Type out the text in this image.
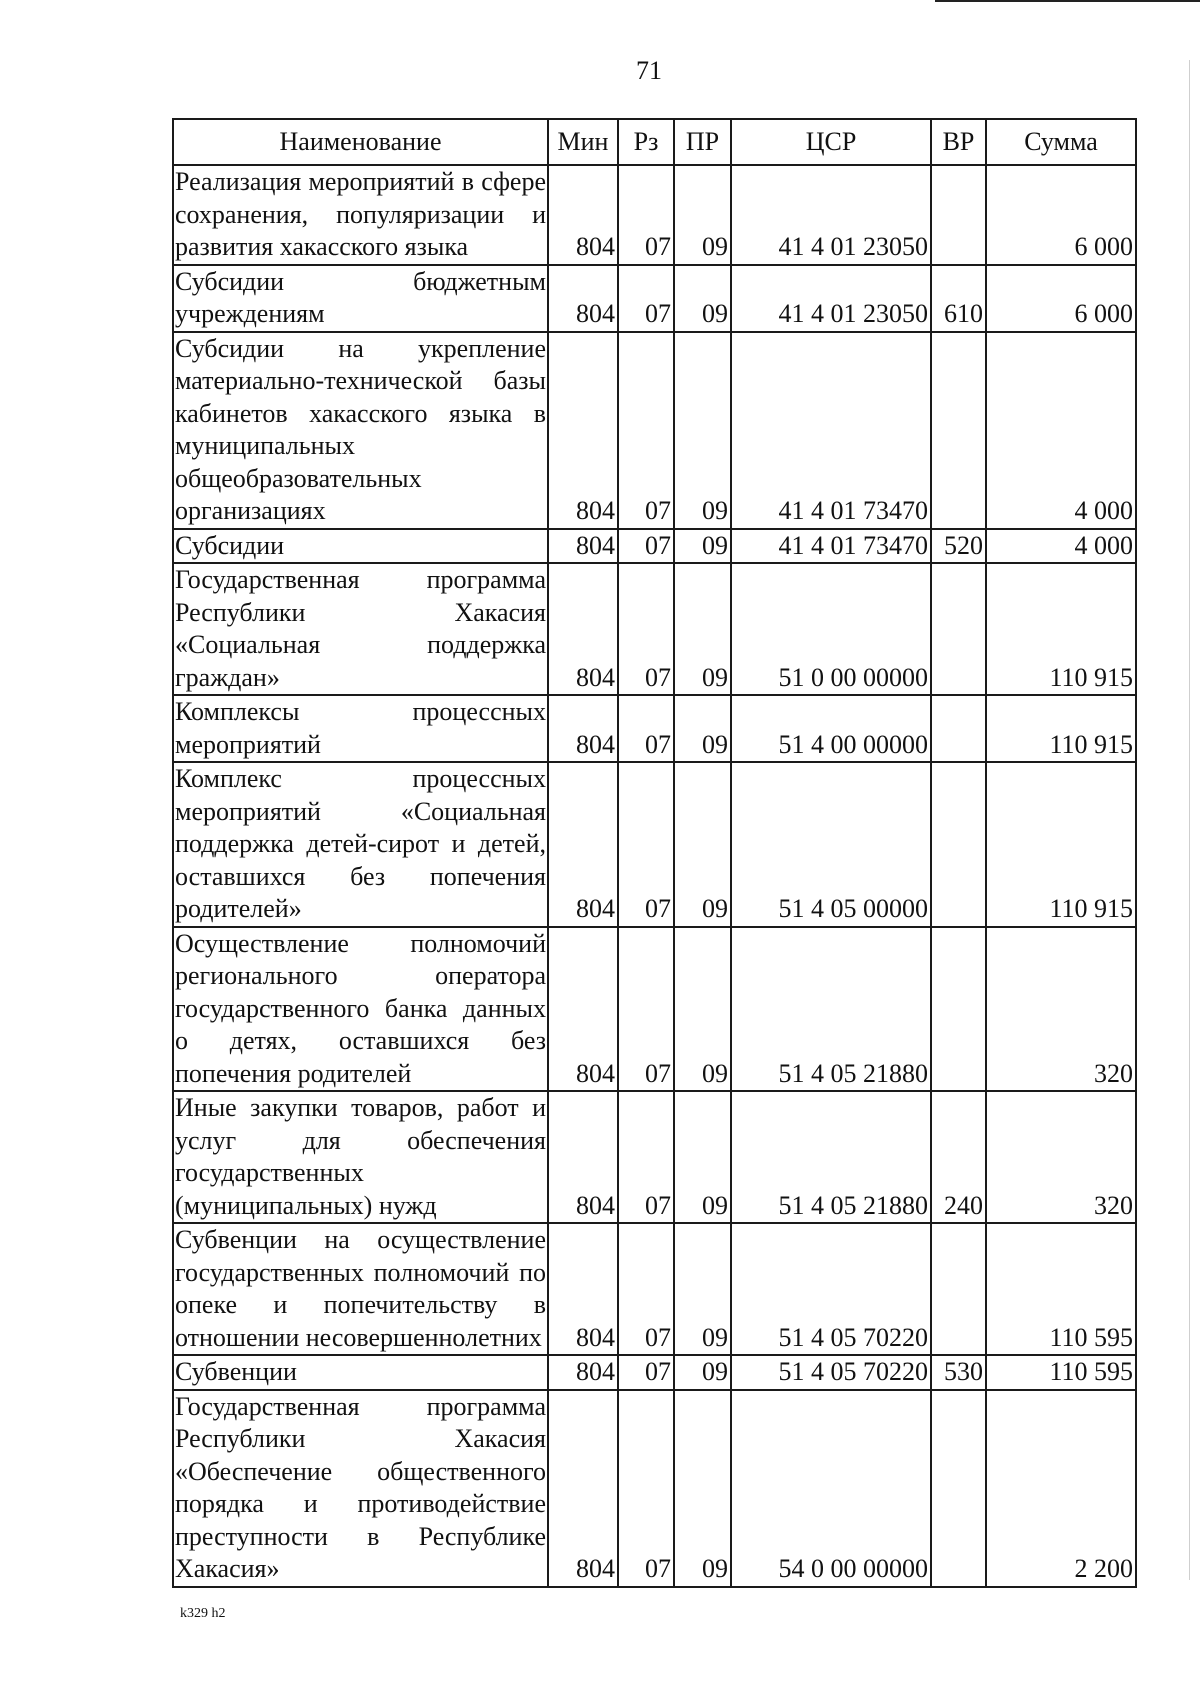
71
Наименование	Мин	Рз	ПР	ЦСР	ВР	Сумма
Реализация мероприятий в сфере сохранения, популяризации и развития хакасского языка	804	07	09	41 4 01 23050		6 000
Субсидии бюджетным учреждениям	804	07	09	41 4 01 23050	610	6 000
Субсидии на укрепление материально-технической базы кабинетов хакасского языка в муниципальных общеобразовательных организациях	804	07	09	41 4 01 73470		4 000
Субсидии	804	07	09	41 4 01 73470	520	4 000
Государственная программа Республики Хакасия «Социальная поддержка граждан»	804	07	09	51 0 00 00000		110 915
Комплексы процессных мероприятий	804	07	09	51 4 00 00000		110 915
Комплекс процессных мероприятий «Социальная поддержка детей-сирот и детей, оставшихся без попечения родителей»	804	07	09	51 4 05 00000		110 915
Осуществление полномочий регионального оператора государственного банка данных о детях, оставшихся без попечения родителей	804	07	09	51 4 05 21880		320
Иные закупки товаров, работ и услуг для обеспечения государственных (муниципальных) нужд	804	07	09	51 4 05 21880	240	320
Субвенции на осуществление государственных полномочий по опеке и попечительству в отношении несовершеннолетних	804	07	09	51 4 05 70220		110 595
Субвенции	804	07	09	51 4 05 70220	530	110 595
Государственная программа Республики Хакасия «Обеспечение общественного порядка и противодействие преступности в Республике Хакасия»	804	07	09	54 0 00 00000		2 200
k329 h2
